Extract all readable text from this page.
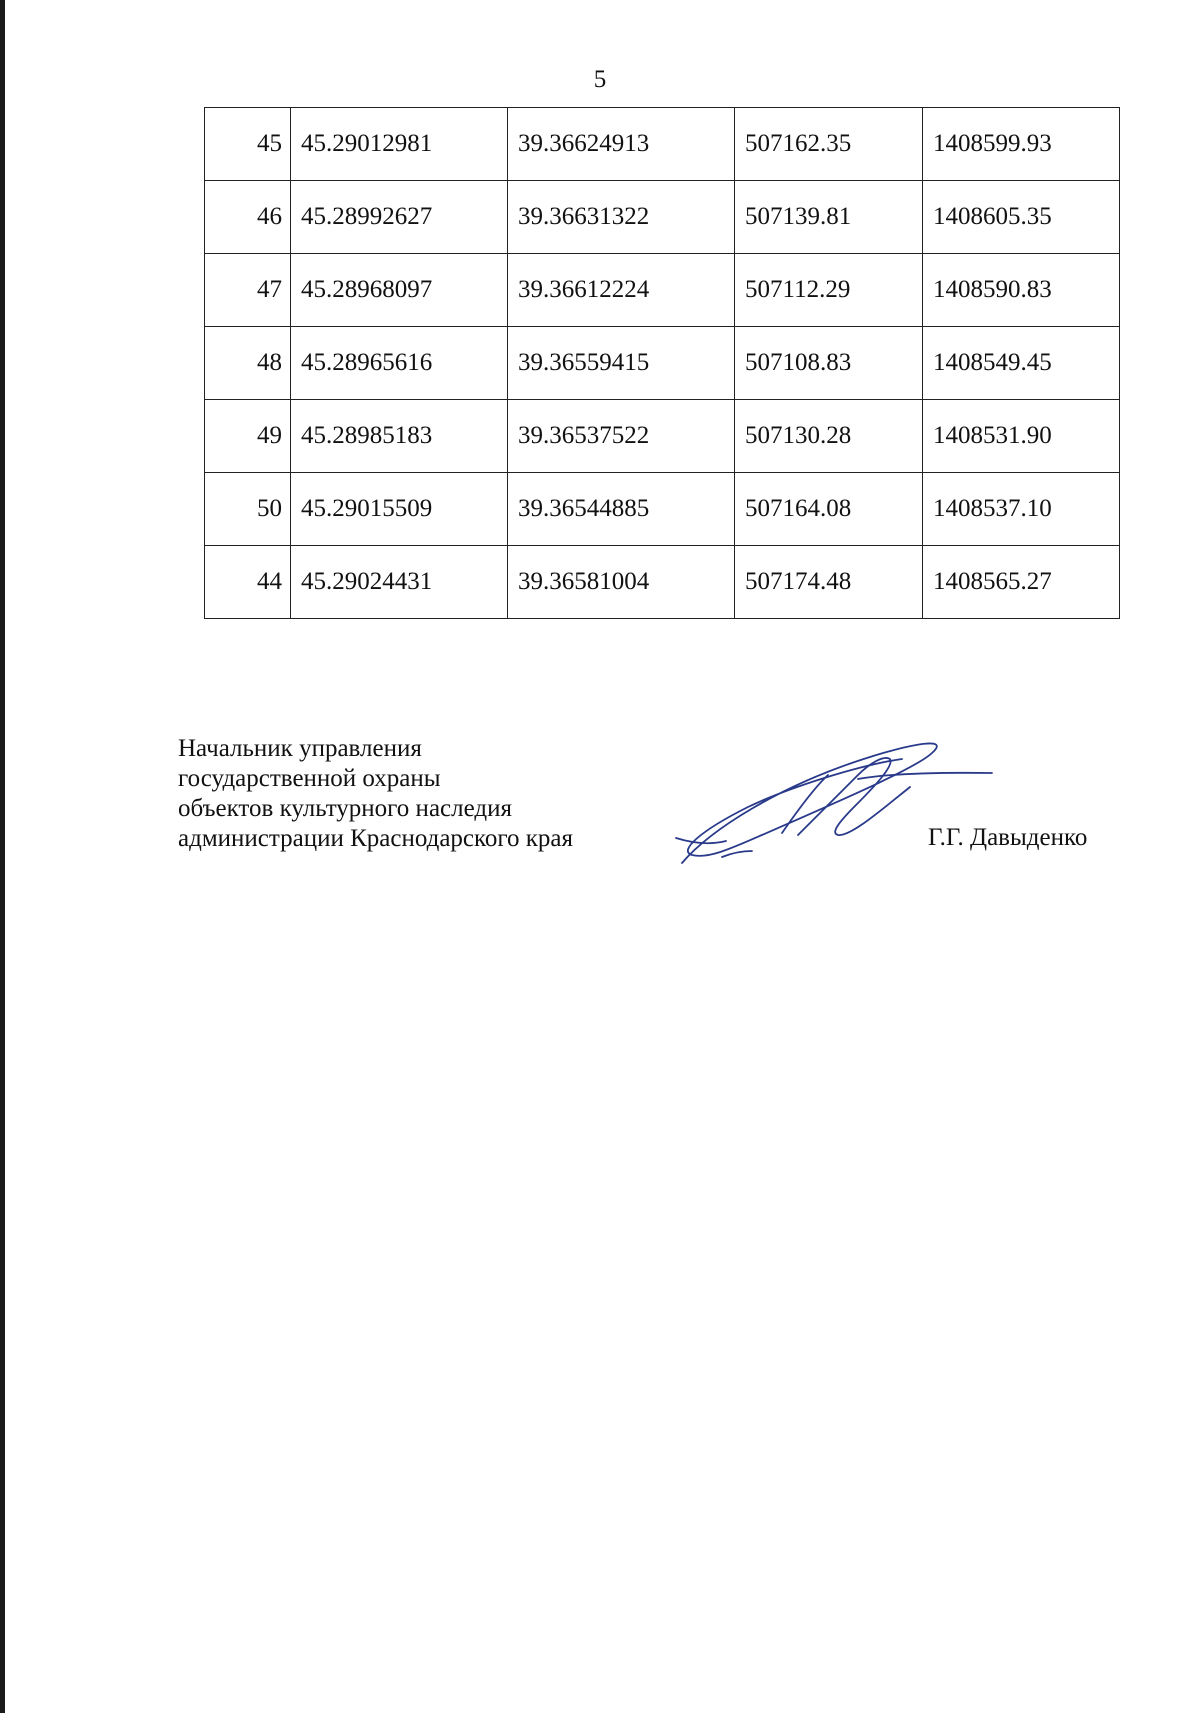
5
45	45.29012981	39.36624913	507162.35	1408599.93
46	45.28992627	39.36631322	507139.81	1408605.35
47	45.28968097	39.36612224	507112.29	1408590.83
48	45.28965616	39.36559415	507108.83	1408549.45
49	45.28985183	39.36537522	507130.28	1408531.90
50	45.29015509	39.36544885	507164.08	1408537.10
44	45.29024431	39.36581004	507174.48	1408565.27
Начальник управления
государственной охраны
объектов культурного наследия
администрации Краснодарского края	Г.Г. Давыденко
